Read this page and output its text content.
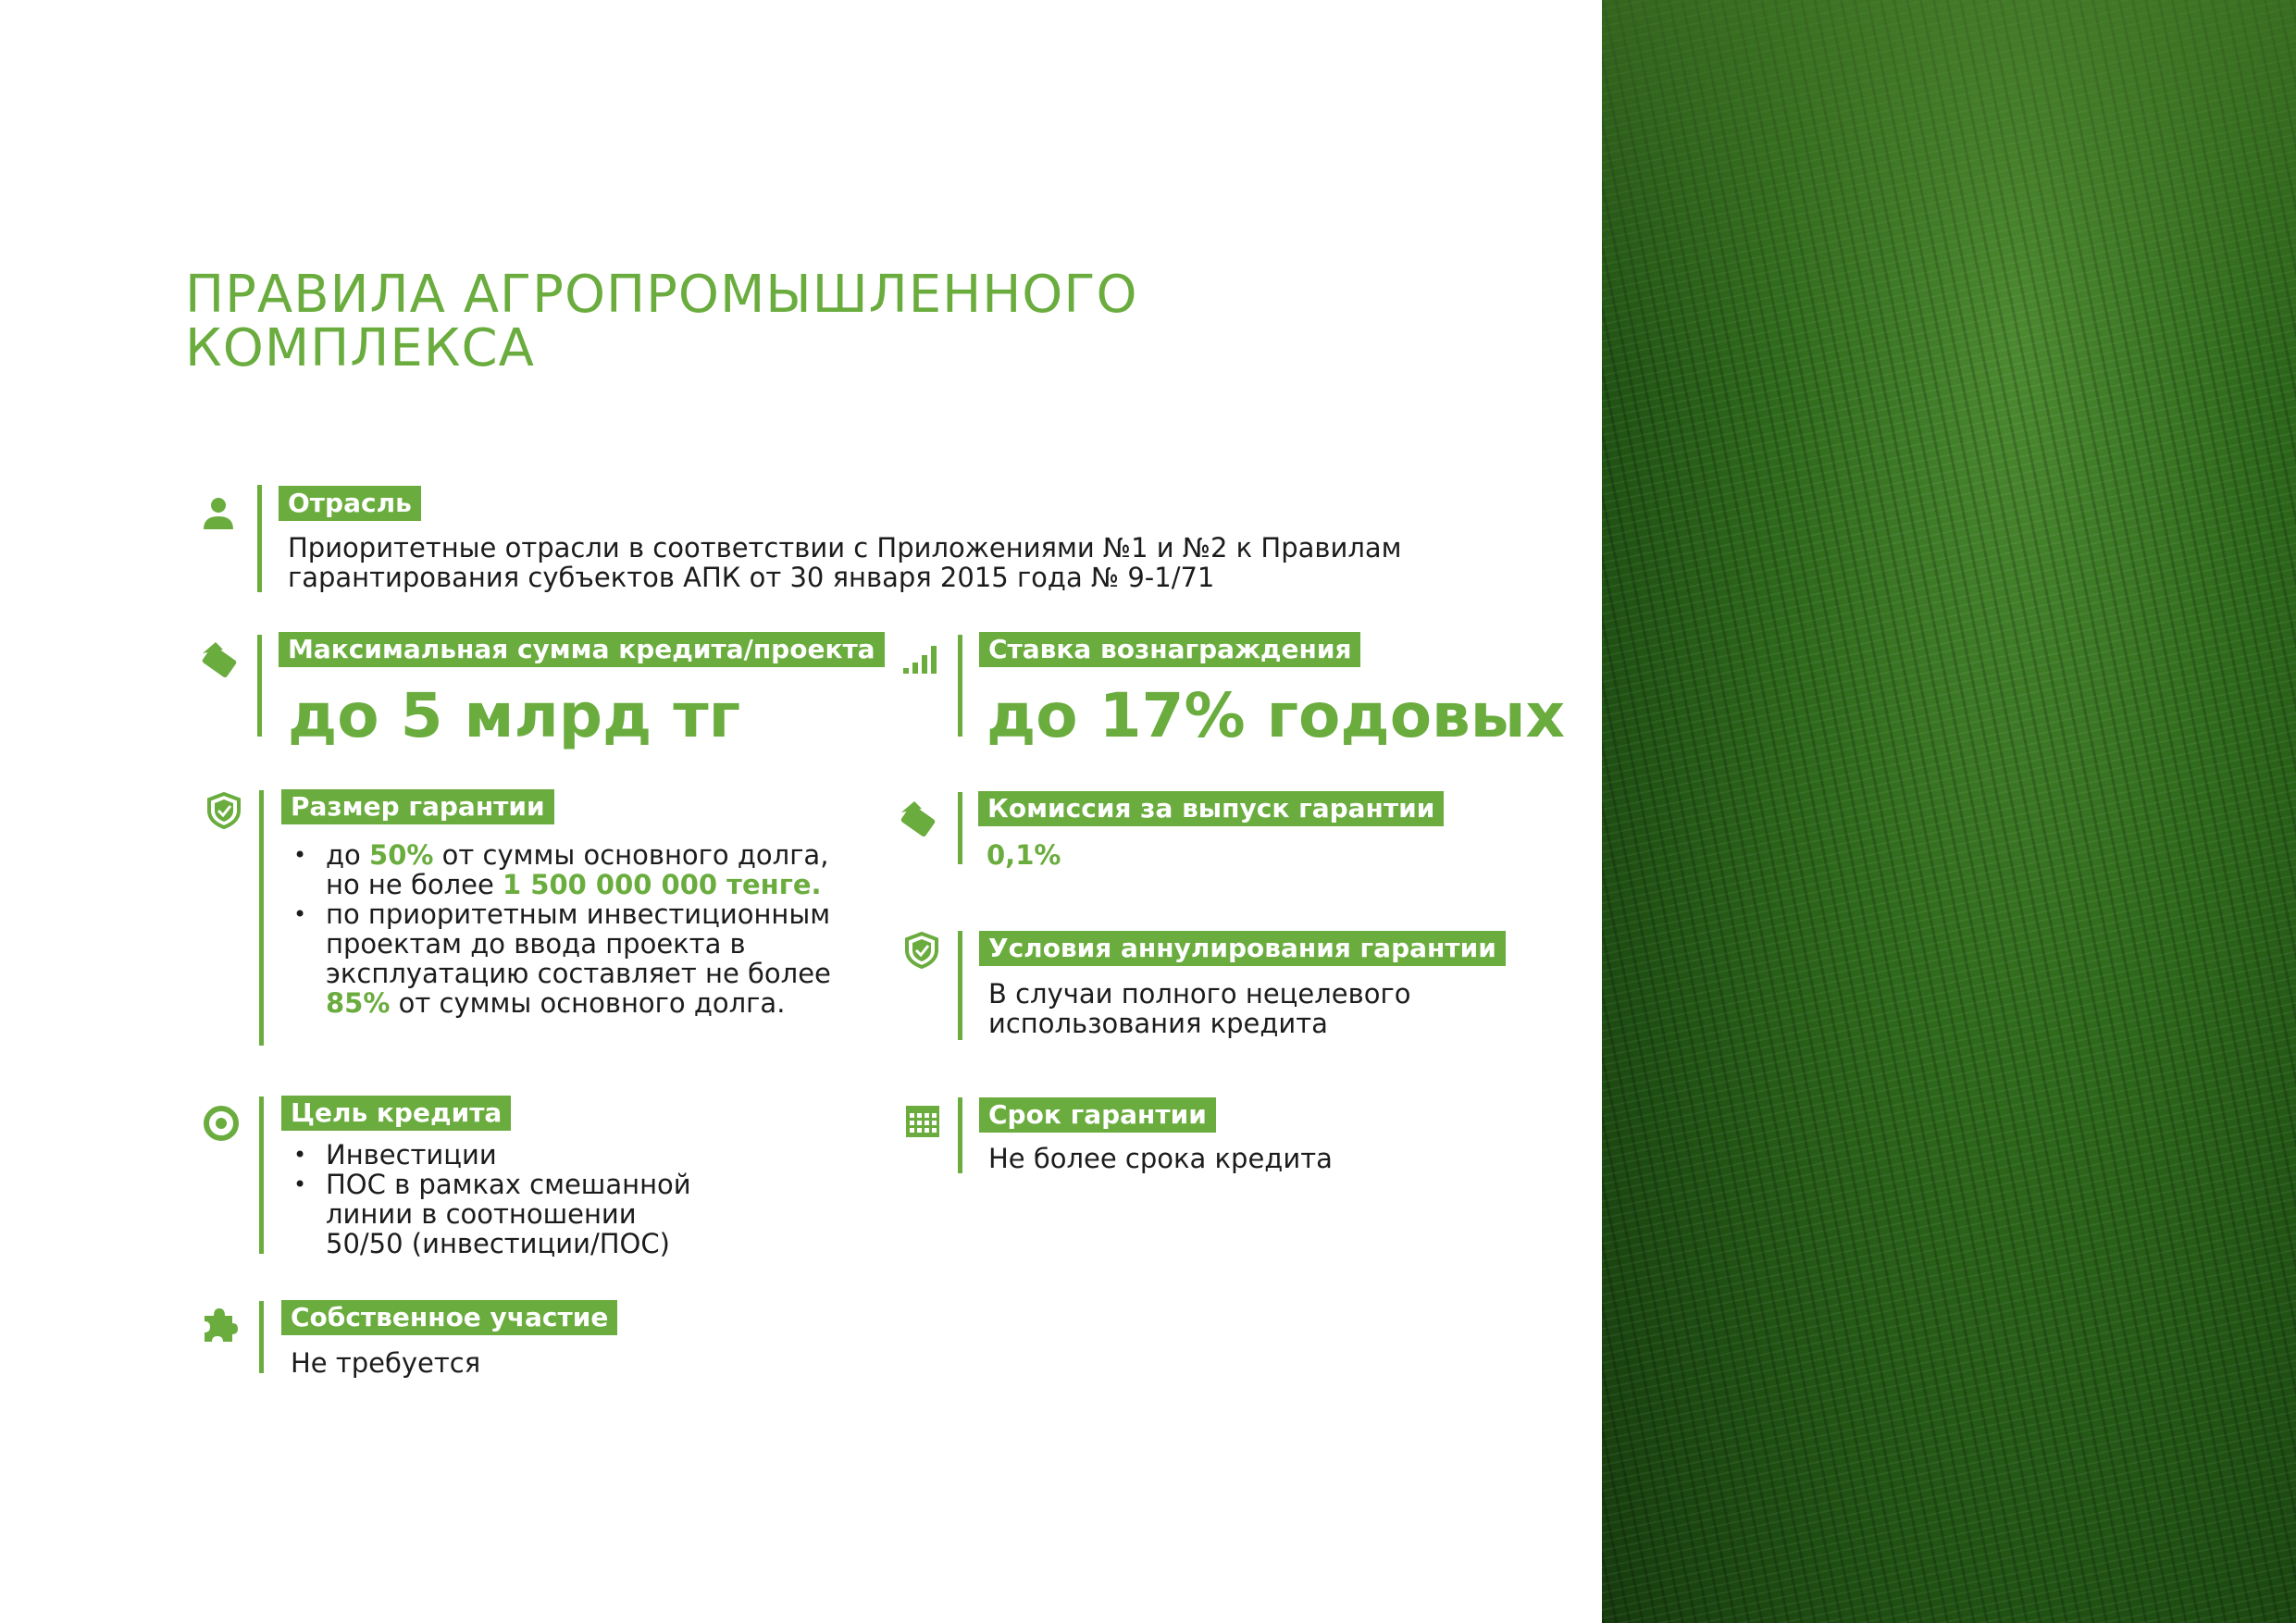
ПРАВИЛА АГРОПРОМЫШЛЕННОГО
КОМПЛЕКСА
Отрасль
Приоритетные отрасли в соответствии с Приложениями №1 и №2 к Правилам гарантирования субъектов АПК от 30 января 2015 года № 9-1/71
Максимальная сумма кредита/проекта
до 5 млрд тг
Ставка вознаграждения
до 17% годовых
Размер гарантии
• до 50% от суммы основного долга, но не более 1 500 000 000 тенге.
• по приоритетным инвестиционным проектам до ввода проекта в эксплуатацию составляет не более 85% от суммы основного долга.
Комиссия за выпуск гарантии
0,1%
Условия аннулирования гарантии
В случаи полного нецелевого использования кредита
Цель кредита
• Инвестиции
• ПОС в рамках смешанной линии в соотношении 50/50 (инвестиции/ПОС)
Срок гарантии
Не более срока кредита
Собственное участие
Не требуется
